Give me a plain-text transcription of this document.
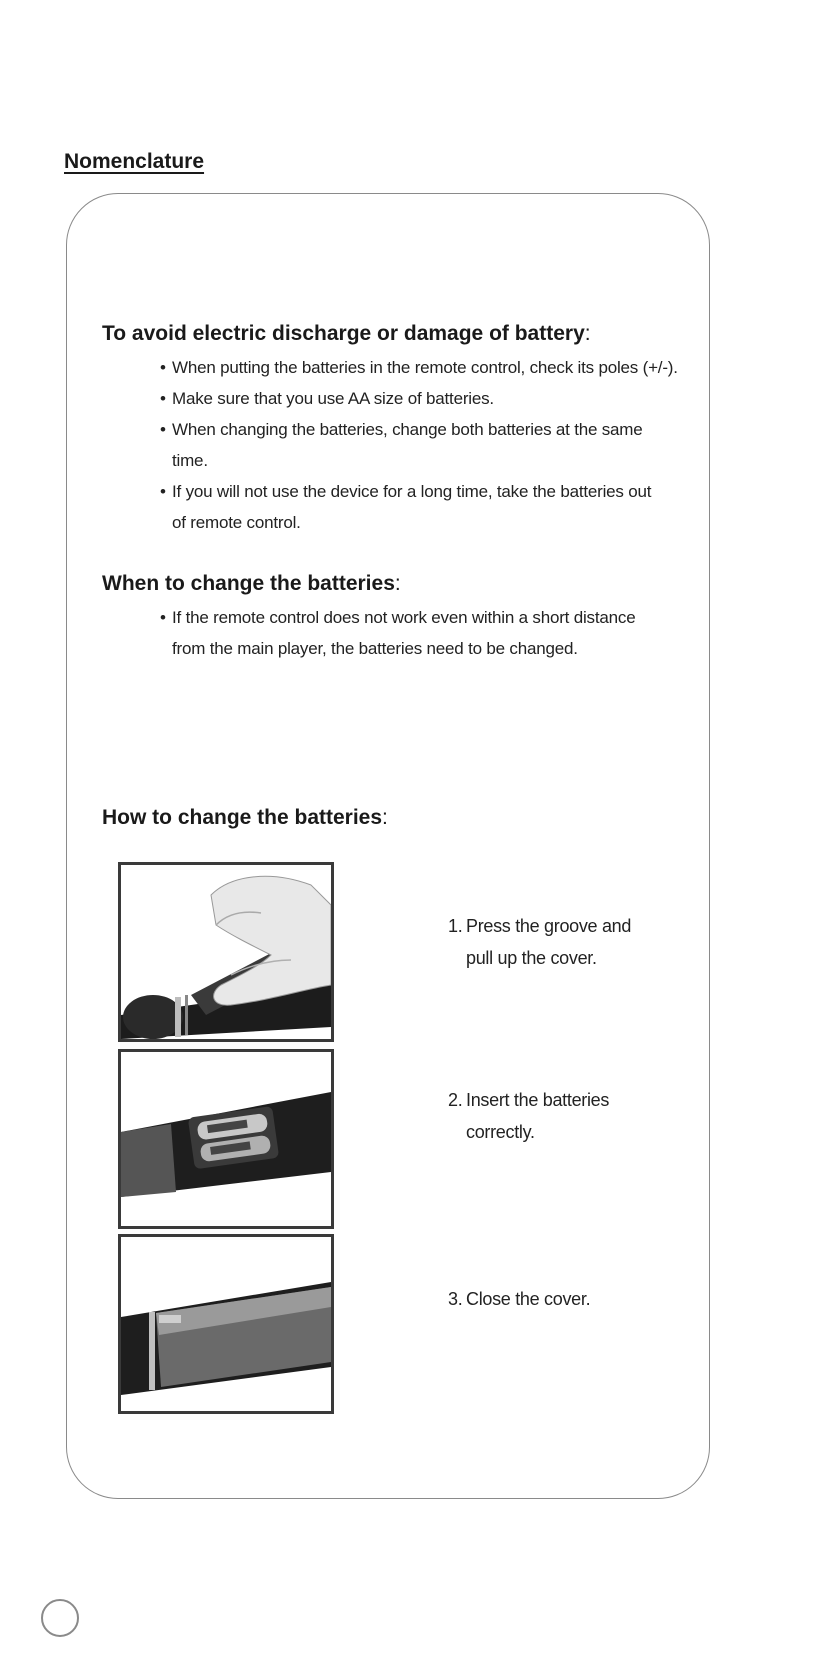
Nomenclature
To avoid electric discharge or damage of battery:
• When putting the batteries in the remote control, check its poles (+/-).
• Make sure that you use AA size of batteries.
• When changing the batteries, change both batteries at the same time.
• If you will not use the device for a long time, take the batteries out of remote control.
When to change the batteries:
• If the remote control does not work even within a short distance from the main player, the batteries need to be changed.
How to change the batteries:
1. Press the groove and
pull up the cover.
2. Insert the batteries
correctly.
3. Close the cover.
